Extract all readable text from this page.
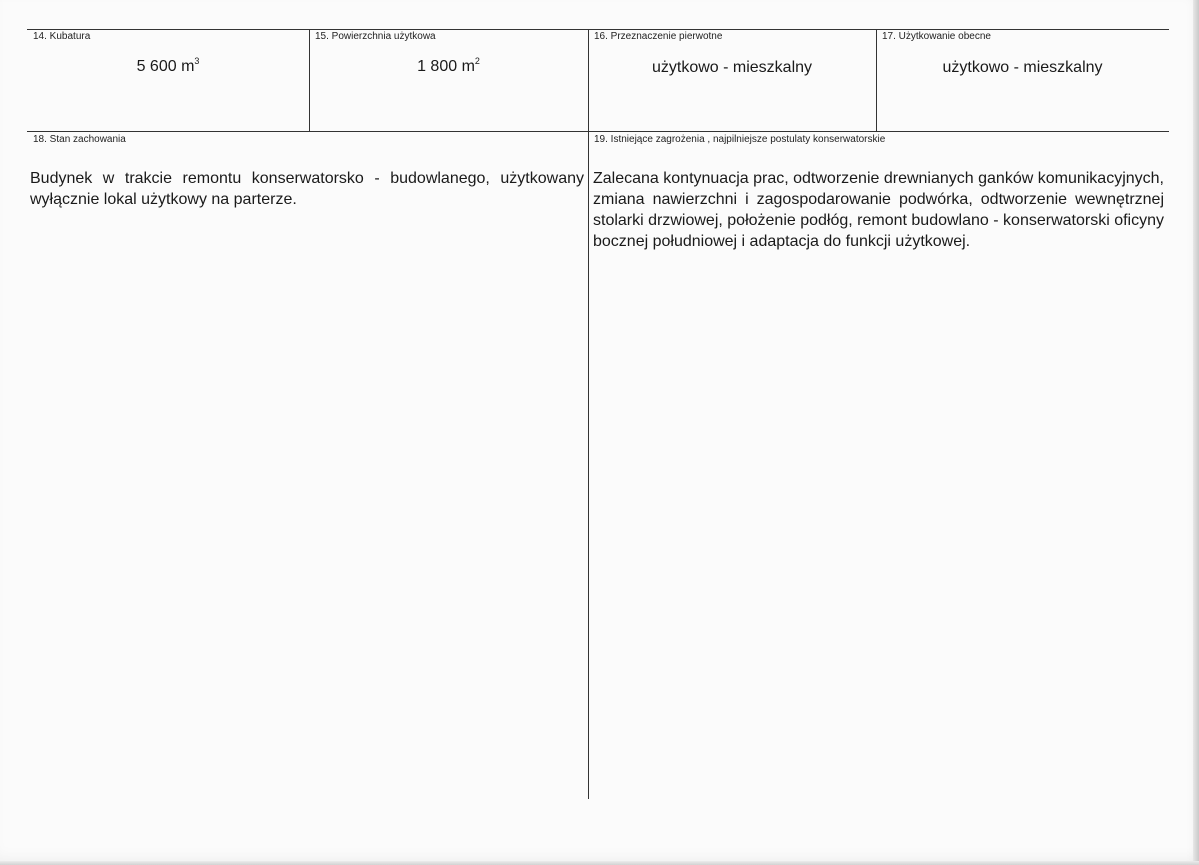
14. Kubatura
5 600 $m^3$
15. Powierzchnia użytkowa
1 800 $m^2$
16. Przeznaczenie pierwotne
użytkowo - mieszkalny
17. Użytkowanie obecne
użytkowo - mieszkalny
18. Stan zachowania
Budynek w trakcie remontu konserwatorsko - budowlanego, użytkowany wyłącznie lokal użytkowy na parterze.
19. Istniejące zagrożenia , najpilniejsze postulaty konserwatorskie
Zalecana kontynuacja prac, odtworzenie drewnianych ganków komunikacyjnych, zmiana nawierzchni i zagospodarowanie podwórka, odtworzenie wewnętrznej stolarki drzwiowej, położenie podłóg, remont budowlano - konserwatorski oficyny bocznej południowej i adaptacja do funkcji użytkowej.
